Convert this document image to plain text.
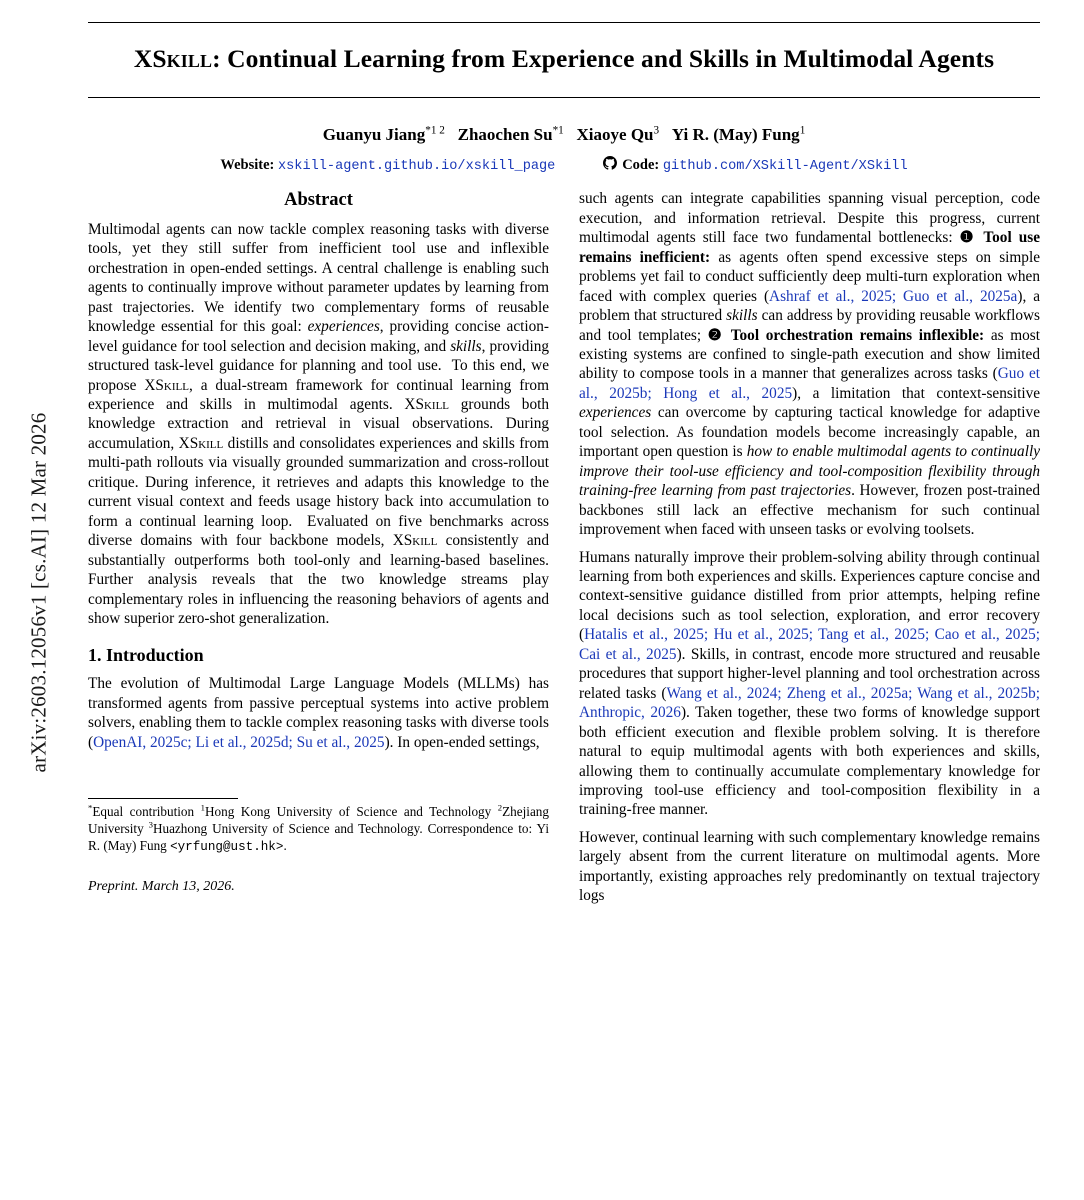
arXiv:2603.12056v1 [cs.AI] 12 Mar 2026
XSkill: Continual Learning from Experience and Skills in Multimodal Agents
Guanyu Jiang$^{*1 2}$ Zhaochen Su$^{*1}$ Xiaoye Qu$^3$ Yi R. (May) Fung$^1$
Website: xskill-agent.github.io/xskill_page	Code: github.com/XSkill-Agent/XSkill
Abstract

Multimodal agents can now tackle complex reasoning tasks with diverse tools, yet they still suffer from inefficient tool use and inflexible orchestration in open-ended settings. A central challenge is enabling such agents to continually improve without parameter updates by learning from past trajectories. We identify two complementary forms of reusable knowledge essential for this goal: experiences, providing concise action-level guidance for tool selection and decision making, and skills, providing structured task-level guidance for planning and tool use.  To this end, we propose XSkill, a dual-stream framework for continual learning from experience and skills in multimodal agents. XSkill grounds both knowledge extraction and retrieval in visual observations. During accumulation, XSkill distills and consolidates experiences and skills from multi-path rollouts via visually grounded summarization and cross-rollout critique. During inference, it retrieves and adapts this knowledge to the current visual context and feeds usage history back into accumulation to form a continual learning loop.  Evaluated on five benchmarks across diverse domains with four backbone models, XSkill consistently and substantially outperforms both tool-only and learning-based baselines. Further analysis reveals that the two knowledge streams play complementary roles in influencing the reasoning behaviors of agents and show superior zero-shot generalization.

1. Introduction

The evolution of Multimodal Large Language Models (MLLMs) has transformed agents from passive perceptual systems into active problem solvers, enabling them to tackle complex reasoning tasks with diverse tools (OpenAI, 2025c; Li et al., 2025d; Su et al., 2025). In open-ended settings,

*Equal contribution $^1$Hong Kong University of Science and Technology $^2$Zhejiang University $^3$Huazhong University of Science and Technology. Correspondence to: Yi R. (May) Fung <yrfung@ust.hk>.
Preprint. March 13, 2026.

such agents can integrate capabilities spanning visual perception, code execution, and information retrieval. Despite this progress, current multimodal agents still face two fundamental bottlenecks: ❶ Tool use remains inefficient: as agents often spend excessive steps on simple problems yet fail to conduct sufficiently deep multi-turn exploration when faced with complex queries (Ashraf et al., 2025; Guo et al., 2025a), a problem that structured skills can address by providing reusable workflows and tool templates; ❷ Tool orchestration remains inflexible: as most existing systems are confined to single-path execution and show limited ability to compose tools in a manner that generalizes across tasks (Guo et al., 2025b; Hong et al., 2025), a limitation that context-sensitive experiences can overcome by capturing tactical knowledge for adaptive tool selection. As foundation models become increasingly capable, an important open question is how to enable multimodal agents to continually improve their tool-use efficiency and tool-composition flexibility through training-free learning from past trajectories. However, frozen post-trained backbones still lack an effective mechanism for such continual improvement when faced with unseen tasks or evolving toolsets.

Humans naturally improve their problem-solving ability through continual learning from both experiences and skills. Experiences capture concise and context-sensitive guidance distilled from prior attempts, helping refine local decisions such as tool selection, exploration, and error recovery (Hatalis et al., 2025; Hu et al., 2025; Tang et al., 2025; Cao et al., 2025; Cai et al., 2025). Skills, in contrast, encode more structured and reusable procedures that support higher-level planning and tool orchestration across related tasks (Wang et al., 2024; Zheng et al., 2025a; Wang et al., 2025b; Anthropic, 2026). Taken together, these two forms of knowledge support both efficient execution and flexible problem solving. It is therefore natural to equip multimodal agents with both experiences and skills, allowing them to continually accumulate complementary knowledge for improving tool-use efficiency and tool-composition flexibility in a training-free manner.

However, continual learning with such complementary knowledge remains largely absent from the current literature on multimodal agents. More importantly, existing approaches rely predominantly on textual trajectory logs
